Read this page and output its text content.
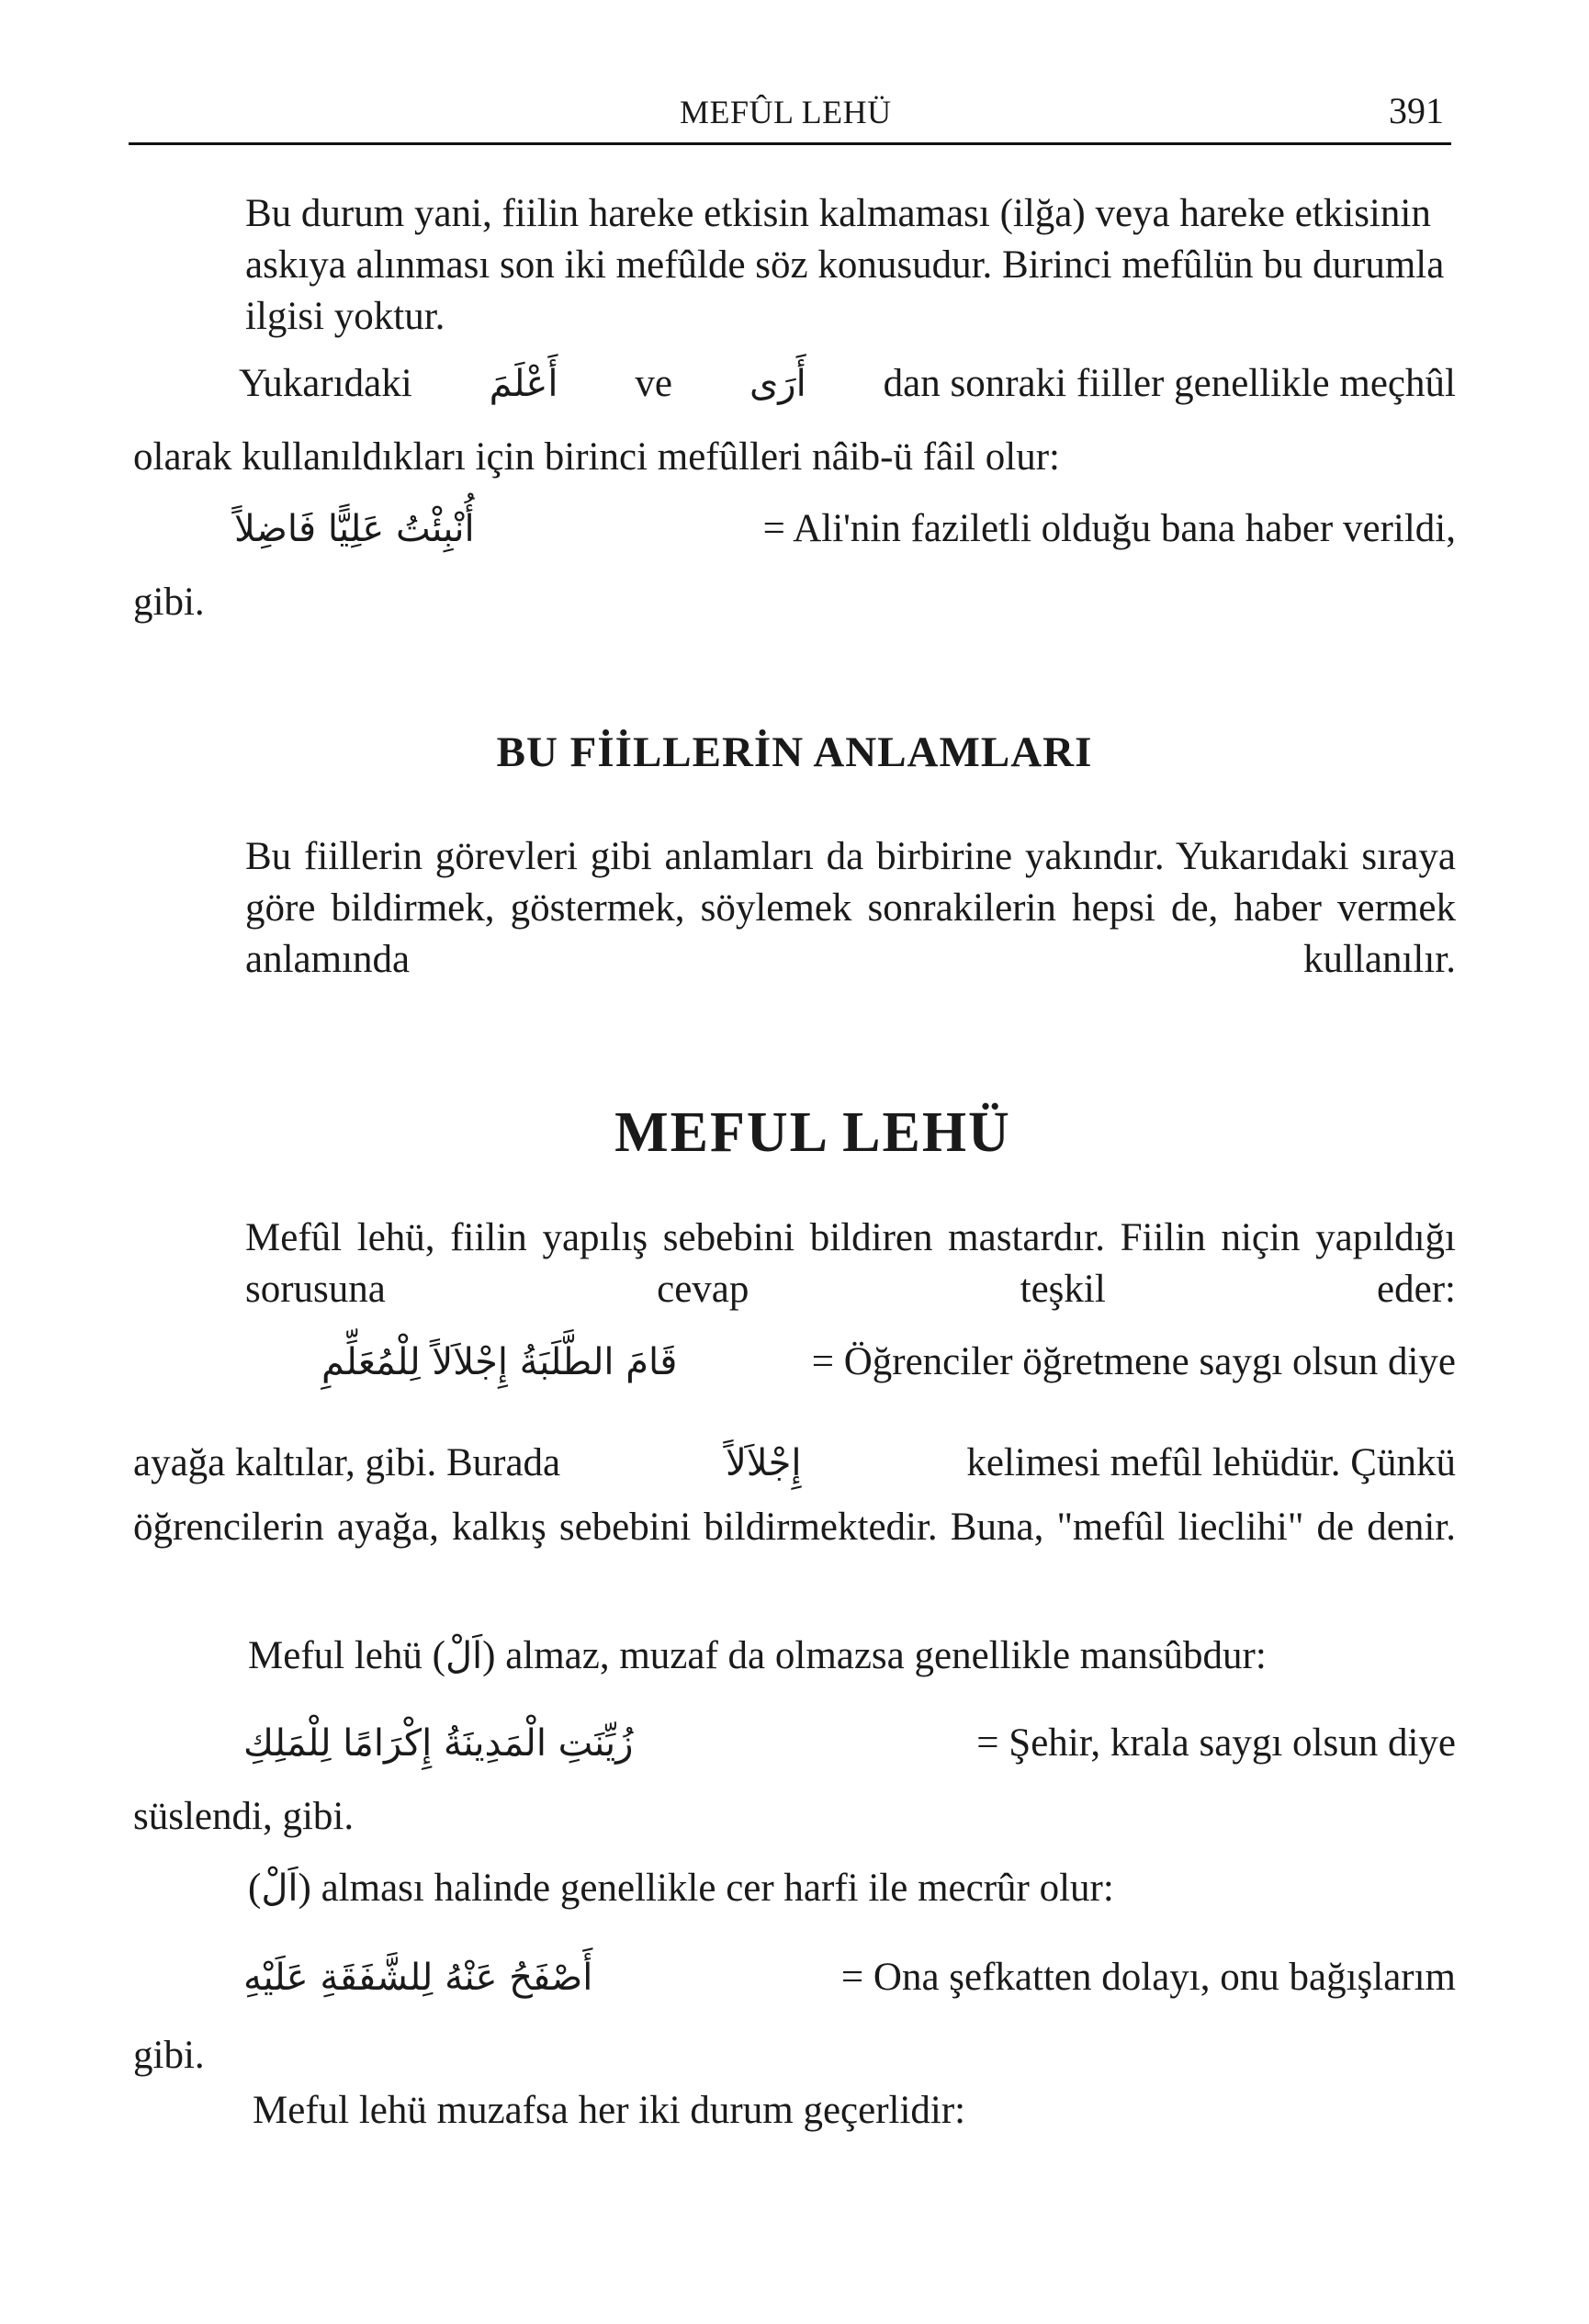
MEFÛL LEHÜ	391
Bu durum yani, fiilin hareke etkisin kalmaması (ilğa) veya hareke etkisinin askıya alınması son iki mefûlde söz konusudur. Birinci mefûlün bu durumla ilgisi yoktur.
Yukarıdaki أَعْلَمَ ve أَرَى dan sonraki fiiller genellikle meçhûl
olarak kullanıldıkları için birinci mefûlleri nâib-ü fâil olur:
أُنْبِئْتُ عَلِيًّا فَاضِلاً	= Ali'nin faziletli olduğu bana haber verildi,
gibi.
BU FİİLLERİN ANLAMLARI
Bu fiillerin görevleri gibi anlamları da birbirine yakındır. Yukarıdaki sıraya göre bildirmek, göstermek, söylemek sonrakilerin hepsi de, haber vermek anlamında kullanılır.
MEFUL LEHÜ
Mefûl lehü, fiilin yapılış sebebini bildiren mastardır. Fiilin niçin yapıldığı sorusuna cevap teşkil eder:
قَامَ الطَّلَبَةُ إِجْلاَلاً لِلْمُعَلِّمِ	= Öğrenciler öğretmene saygı olsun diye
ayağa kaltılar, gibi. Burada	إِجْلاَلاً	kelimesi mefûl lehüdür. Çünkü
öğrencilerin ayağa, kalkış sebebini bildirmektedir. Buna, "mefûl lieclihi" de denir.
Meful lehü (اَلْ) almaz, muzaf da olmazsa genellikle mansûbdur:
زُيِّنَتِ الْمَدِينَةُ إِكْرَامًا لِلْمَلِكِ	= Şehir, krala saygı olsun diye
süslendi, gibi.
(اَلْ) alması halinde genellikle cer harfi ile mecrûr olur:
أَصْفَحُ عَنْهُ لِلشَّفَقَةِ عَلَيْهِ	= Ona şefkatten dolayı, onu bağışlarım
gibi.
Meful lehü muzafsa her iki durum geçerlidir:
